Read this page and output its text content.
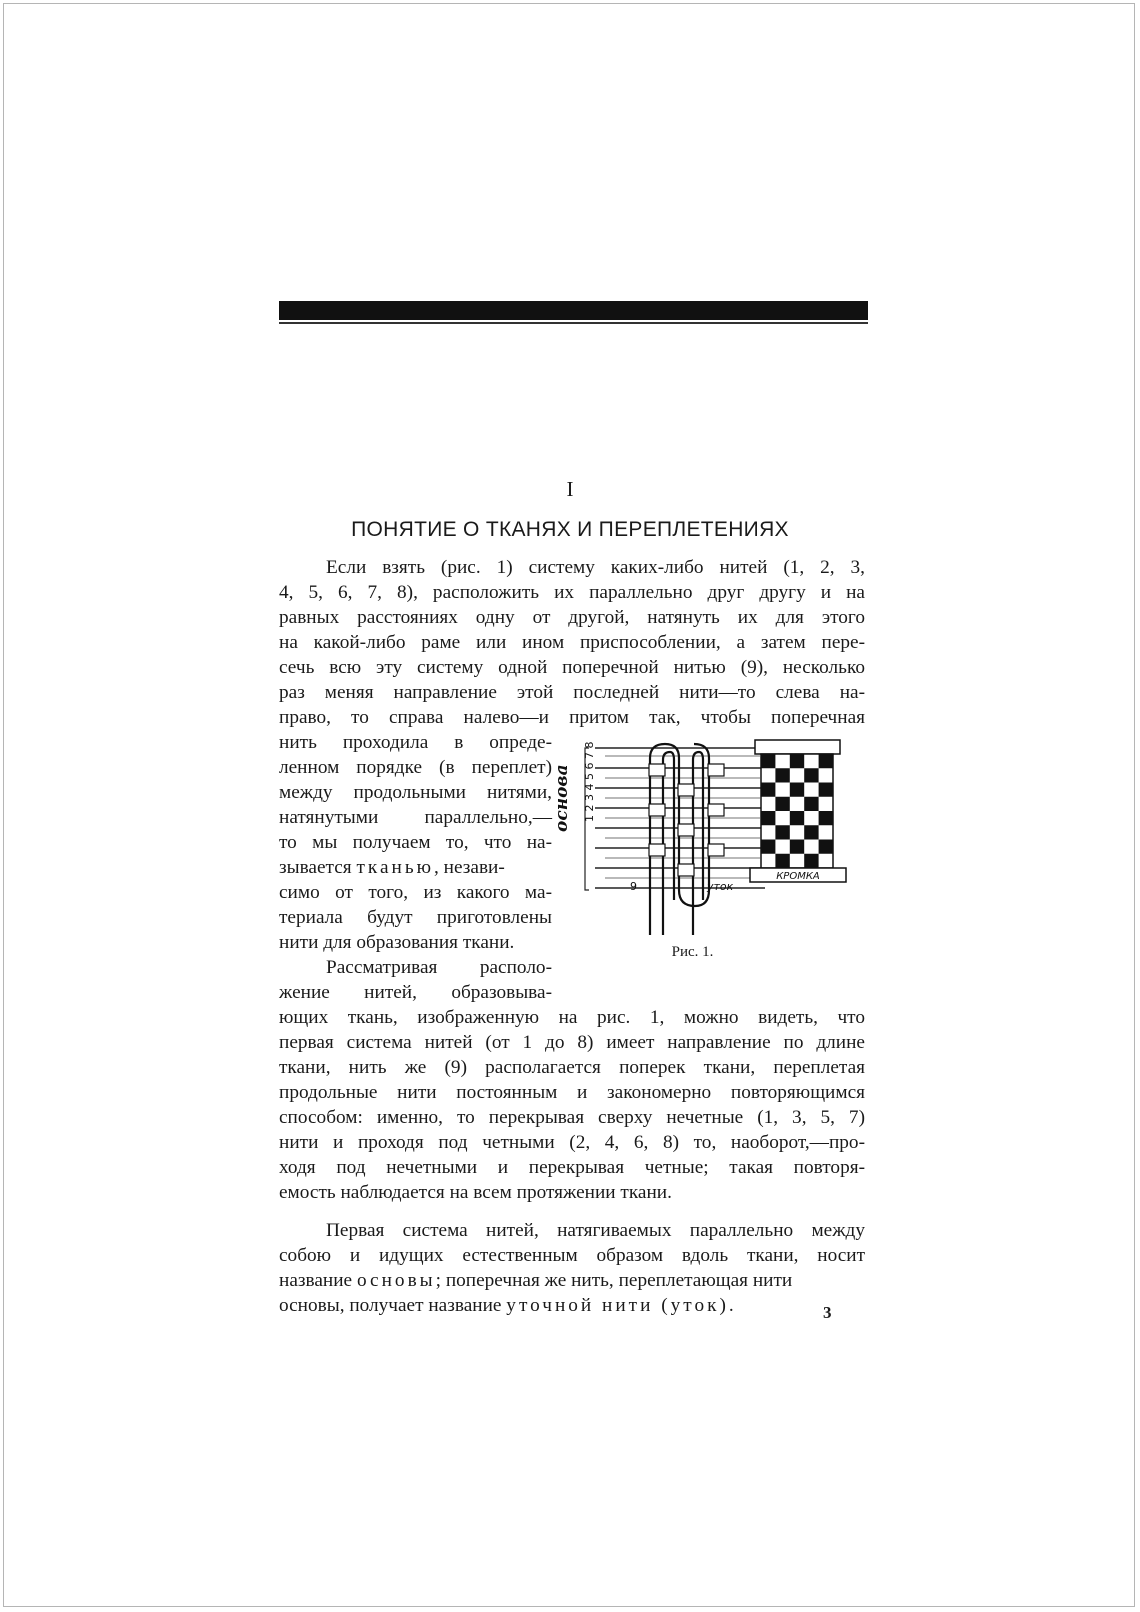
I
ПОНЯТИЕ О ТКАНЯХ И ПЕРЕПЛЕТЕНИЯХ
Если взять (рис. 1) систему каких-либо нитей (1, 2, 3,
4, 5, 6, 7, 8), расположить их параллельно друг другу и на
равных расстояниях одну от другой, натянуть их для этого
на какой-либо раме или ином приспособлении, а затем пере-
сечь всю эту систему одной поперечной нитью (9), несколько
раз меняя направление этой последней нити—то слева на-
право, то справа налево—и притом так, чтобы поперечная
нить проходила в опреде-
ленном порядке (в переплет)
между продольными нитями,
натянутыми параллельно,—
то мы получаем то, что на-
зывается тканью, незави-
симо от того, из какого ма-
териала будут приготовлены
нити для образования ткани.
Рассматривая располо-
жение нитей, образовыва-
ющих ткань, изображенную на рис. 1, можно видеть, что
первая система нитей (от 1 до 8) имеет направление по длине
ткани, нить же (9) располагается поперек ткани, переплетая
продольные нити постоянным и закономерно повторяющимся
способом: именно, то перекрывая сверху нечетные (1, 3, 5, 7)
нити и проходя под четными (2, 4, 6, 8) то, наоборот,—про-
ходя под нечетными и перекрывая четные; такая повторя-
емость наблюдается на всем протяжении ткани.
Первая система нитей, натягиваемых параллельно между
собою и идущих естественным образом вдоль ткани, носит
название основы; поперечная же нить, переплетающая нити
основы, получает название уточной нити (уток).
1 2 3 4 5 6 7 8
основа
9	уток
КРОМКА
Рис. 1.
3
